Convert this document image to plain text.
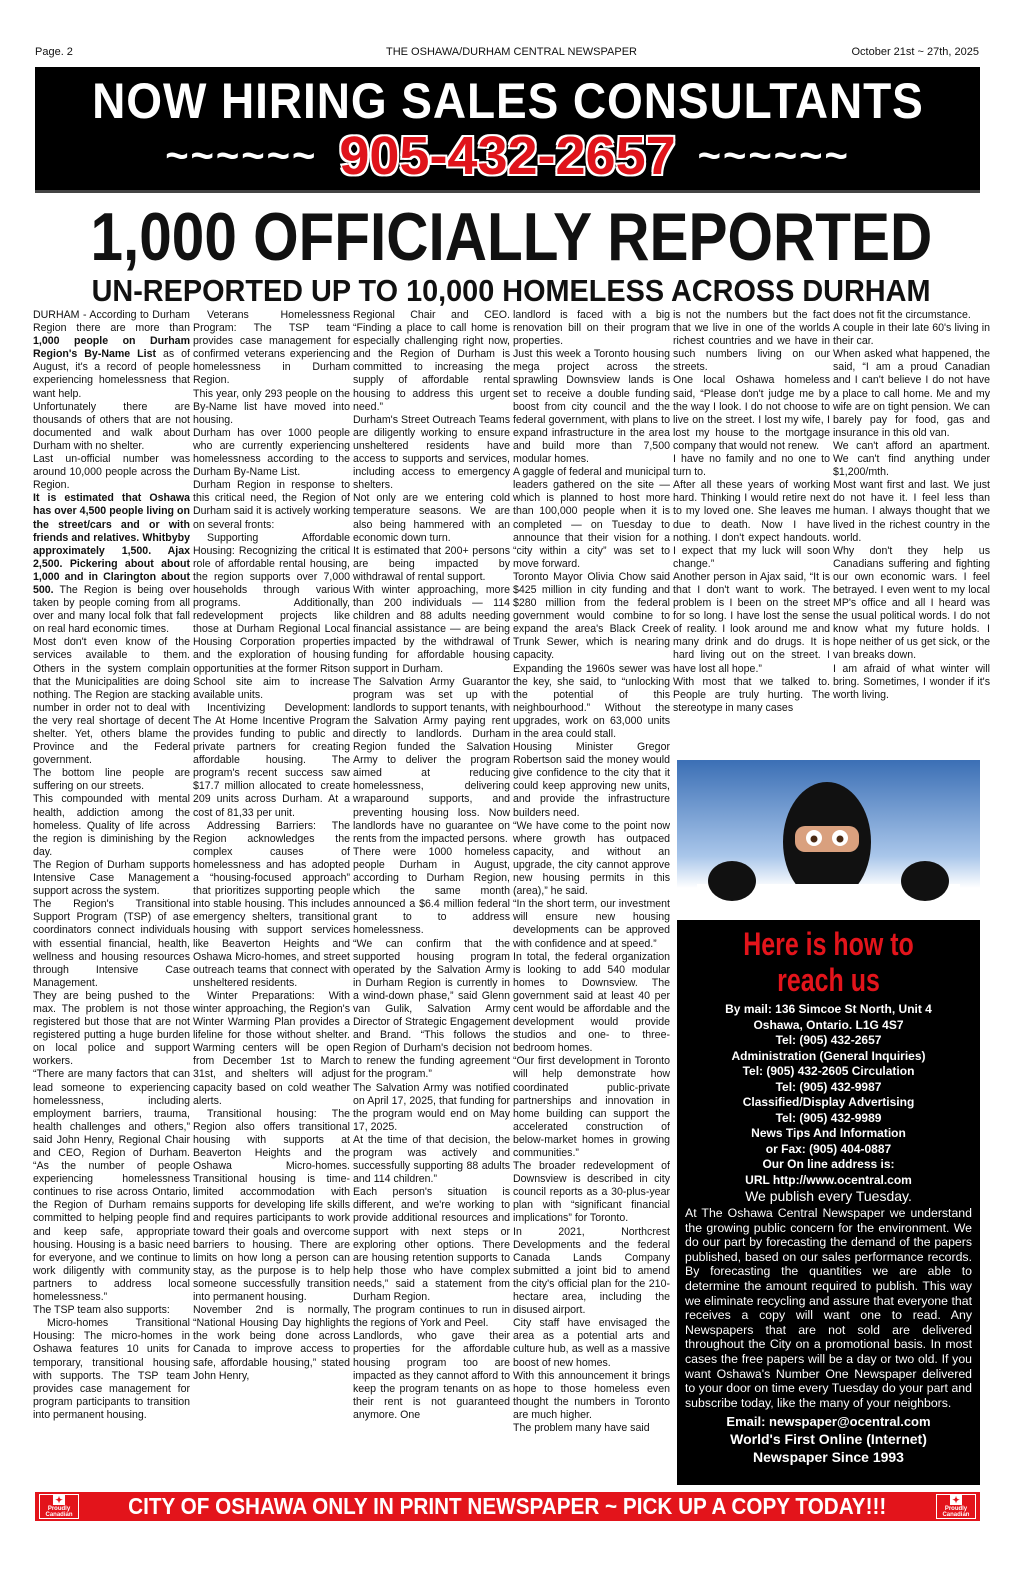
Page. 2	THE OSHAWA/DURHAM CENTRAL NEWSPAPER	October 21st ~ 27th, 2025
NOW HIRING SALES CONSULTANTS
~~~~~~ 905-432-2657 ~~~~~~
1,000 OFFICIALLY REPORTED
UN-REPORTED UP TO 10,000 HOMELESS ACROSS DURHAM

DURHAM - According to Durham Region there are more than 1,000 people on Durham Region's By-Name List as of August, it's a record of people experiencing homelessness that want help.

Unfortunately there are thousands of others that are not documented and walk about Durham with no shelter.

Last un-official number was around 10,000 people across the Region.

It is estimated that Oshawa has over 4,500 people living on the street/cars and or with friends and relatives. Whitbyby approximately 1,500. Ajax 2,500. Pickering about about 1,000 and in Clarington about 500. The Region is being over taken by people coming from all over and many local folk that fall on real hard economic times.

Most don't even know of the services available to them. Others in the system complain that the Municipalities are doing nothing. The Region are stacking number in order not to deal with the very real shortage of decent shelter. Yet, others blame the Province and the Federal government.

The bottom line people are suffering on our streets.

This compounded with mental health, addiction among the homeless. Quality of life across the region is diminishing by the day.

The Region of Durham supports Intensive Case Management support across the system.

The Region's Transitional Support Program (TSP) of ase coordinators connect individuals with essential financial, health, wellness and housing resources through Intensive Case Management.

They are being pushed to the max. The problem is not those registered but those that are not registered putting a huge burden on local police and support workers.

“There are many factors that can lead someone to experiencing homelessness, including employment barriers, trauma, health challenges and others,” said John Henry, Regional Chair and CEO, Region of Durham. “As the number of people experiencing homelessness continues to rise across Ontario, the Region of Durham remains committed to helping people find and keep safe, appropriate housing. Housing is a basic need for everyone, and we continue to work diligently with community partners to address local homelessness.”

The TSP team also supports:

Micro-homes Transitional Housing: The micro-homes in Oshawa features 10 units for temporary, transitional housing with supports. The TSP team provides case management for program participants to transition into permanent housing.

Veterans Homelessness Program: The TSP team provides case management for confirmed veterans experiencing homelessness in Durham Region.

This year, only 293 people on the By-Name list have moved into housing.

Durham has over 1000 people who are currently experiencing homelessness according to the Durham By-Name List.

Durham Region in response to this critical need, the Region of Durham said it is actively working on several fronts:

Supporting Affordable Housing: Recognizing the critical role of affordable rental housing, the region supports over 7,000 households through various programs. Additionally, redevelopment projects like those at Durham Regional Local Housing Corporation properties and the exploration of housing opportunities at the former Ritson School site aim to increase available units.

Incentivizing Development: The At Home Incentive Program provides funding to public and private partners for creating affordable housing. The program's recent success saw $17.7 million allocated to create 209 units across Durham. At a cost of 81,33 per unit.

Addressing Barriers: The Region acknowledges the complex causes of homelessness and has adopted a “housing-focused approach” that prioritizes supporting people into stable housing. This includes emergency shelters, transitional housing with support services like Beaverton Heights and Oshawa Micro-homes, and street outreach teams that connect with unsheltered residents.

Winter Preparations: With winter approaching, the Region's Winter Warming Plan provides a lifeline for those without shelter. Warming centers will be open from December 1st to March 31st, and shelters will adjust capacity based on cold weather alerts.

Transitional housing: The Region also offers transitional housing with supports at Beaverton Heights and the Oshawa Micro-homes. Transitional housing is time-limited accommodation with supports for developing life skills and requires participants to work toward their goals and overcome barriers to housing. There are limits on how long a person can stay, as the purpose is to help someone successfully transition into permanent housing.

November 2nd is normally, “National Housing Day highlights the work being done across Canada to improve access to safe, affordable housing,” stated John Henry,

Regional Chair and CEO. “Finding a place to call home is especially challenging right now, and the Region of Durham is committed to increasing the supply of affordable rental housing to address this urgent need.”

Durham's Street Outreach Teams are diligently working to ensure unsheltered residents have access to supports and services, including access to emergency shelters.

Not only are we entering cold temperature seasons. We are also being hammered with an economic down turn.

It is estimated that 200+ persons are being impacted by withdrawal of rental support.

With winter approaching, more than 200 individuals — 114 children and 88 adults needing financial assistance — are being impacted by the withdrawal of funding for affordable housing support in Durham.

The Salvation Army Guarantor program was set up with landlords to support tenants, with the Salvation Army paying rent directly to landlords. Durham Region funded the Salvation Army to deliver the program aimed at reducing homelessness, delivering wraparound supports, and preventing housing loss. Now landlords have no guarantee on rents from the impacted persons.

There were 1000 homeless people Durham in August, according to Durham Region, which the same month announced a $6.4 million federal grant to to address homelessness.

“We can confirm that the supported housing program operated by the Salvation Army in Durham Region is currently in a wind-down phase,” said Glenn van Gulik, Salvation Army Director of Strategic Engagement and Brand. “This follows the Region of Durham's decision not to renew the funding agreement for the program.”

The Salvation Army was notified on April 17, 2025, that funding for the program would end on May 17, 2025.

At the time of that decision, the program was actively and successfully supporting 88 adults and 114 children.”

Each person's situation is different, and we're working to provide additional resources and support with next steps or exploring other options. There are housing retention supports to help those who have complex needs,” said a statement from Durham Region.

The program continues to run in the regions of York and Peel.

Landlords, who gave their properties for the affordable housing program too are impacted as they cannot afford to keep the program tenants on as their rent is not guaranteed anymore. One

landlord is faced with a big renovation bill on their program properties.

Just this week a Toronto housing mega project across the sprawling Downsview lands is set to receive a double funding boost from city council and the federal government, with plans to expand infrastructure in the area and build more than 7,500 modular homes.

A gaggle of federal and municipal leaders gathered on the site — which is planned to host more than 100,000 people when it is completed — on Tuesday to announce that their vision for a “city within a city” was set to move forward.

Toronto Mayor Olivia Chow said $425 million in city funding and $280 million from the federal government would combine to expand the area's Black Creek Trunk Sewer, which is nearing capacity.

Expanding the 1960s sewer was the key, she said, to “unlocking the potential of this neighbourhood.” Without the upgrades, work on 63,000 units in the area could stall.

Housing Minister Gregor Robertson said the money would give confidence to the city that it could keep approving new units, and provide the infrastructure builders need.

“We have come to the point now where growth has outpaced capacity, and without an upgrade, the city cannot approve new housing permits in this (area),” he said.

“In the short term, our investment will ensure new housing developments can be approved with confidence and at speed.”

In total, the federal organization is looking to add 540 modular homes to Downsview. The government said at least 40 per cent would be affordable and the development would provide studios and one- to three-bedroom homes.

“Our first development in Toronto will help demonstrate how coordinated public-private partnerships and innovation in home building can support the accelerated construction of below-market homes in growing communities.”

The broader redevelopment of Downsview is described in city council reports as a 30-plus-year plan with “significant financial implications” for Toronto.

In 2021, Northcrest Developments and the federal Canada Lands Company submitted a joint bid to amend the city's official plan for the 210-hectare area, including the disused airport.

City staff have envisaged the area as a potential arts and culture hub, as well as a massive boost of new homes.

With this announcement it brings hope to those homeless even thought the numbers in Toronto are much higher.

The problem many have said

is not the numbers but the fact that we live in one of the worlds richest countries and we have in such numbers living on our streets.

One local Oshawa homeless said, “Please don't judge me by the way I look. I do not choose to live on the street. I lost my wife, I lost my house to the mortgage company that would not renew.

I have no family and no one to turn to.

After all these years of working hard. Thinking I would retire next to my loved one. She leaves me due to death. Now I have nothing. I don't expect handouts. I expect that my luck will soon change.”

Another person in Ajax said, “It is that I don't want to work. The problem is I been on the street for so long. I have lost the sense of reality. I look around me and many drink and do drugs. It is hard living out on the street. I have lost all hope.”

With most that we talked to. People are truly hurting. The stereotype in many cases

does not fit the circumstance.

A couple in their late 60's living in their car.

When asked what happened, the said, “I am a proud Canadian and I can't believe I do not have a place to call home. Me and my wife are on tight pension. We can barely pay for food, gas and insurance in this old van.

We can't afford an apartment. We can't find anything under $1,200/mth.

Most want first and last. We just do not have it. I feel less than human. I always thought that we lived in the richest country in the world.

Why don't they help us Canadians suffering and fighting our own economic wars. I feel betrayed. I even went to my local MP's office and all I heard was the usual political words. I do not know what my future holds. I hope neither of us get sick, or the van breaks down.

I am afraid of what winter will bring. Sometimes, I wonder if it's worth living.

Here is how to reach us
By mail: 136 Simcoe St North, Unit 4
Oshawa, Ontario. L1G 4S7
Tel: (905) 432-2657
Administration (General Inquiries)
Tel: (905) 432-2605 Circulation
Tel: (905) 432-9987
Classified/Display Advertising
Tel: (905) 432-9989
News Tips And Information
or Fax: (905) 404-0887
Our On line address is:
URL http://www.ocentral.com
We publish every Tuesday.
At The Oshawa Central Newspaper we understand the growing public concern for the environment. We do our part by forecasting the demand of the papers published, based on our sales performance records. By forecasting the quantities we are able to determine the amount required to publish. This way we eliminate recycling and assure that everyone that receives a copy will want one to read. Any Newspapers that are not sold are delivered throughout the City on a promotional basis. In most cases the free papers will be a day or two old. If you want Oshawa's Number One Newspaper delivered to your door on time every Tuesday do your part and subscribe today, like the many of your neighbors.
Email: newspaper@ocentral.com
World's First Online (Internet)
Newspaper Since 1993
✦
Proudly
Canadian CITY OF OSHAWA ONLY IN PRINT NEWSPAPER ~ PICK UP A COPY TODAY!!!	✦
Proudly
Canadian
